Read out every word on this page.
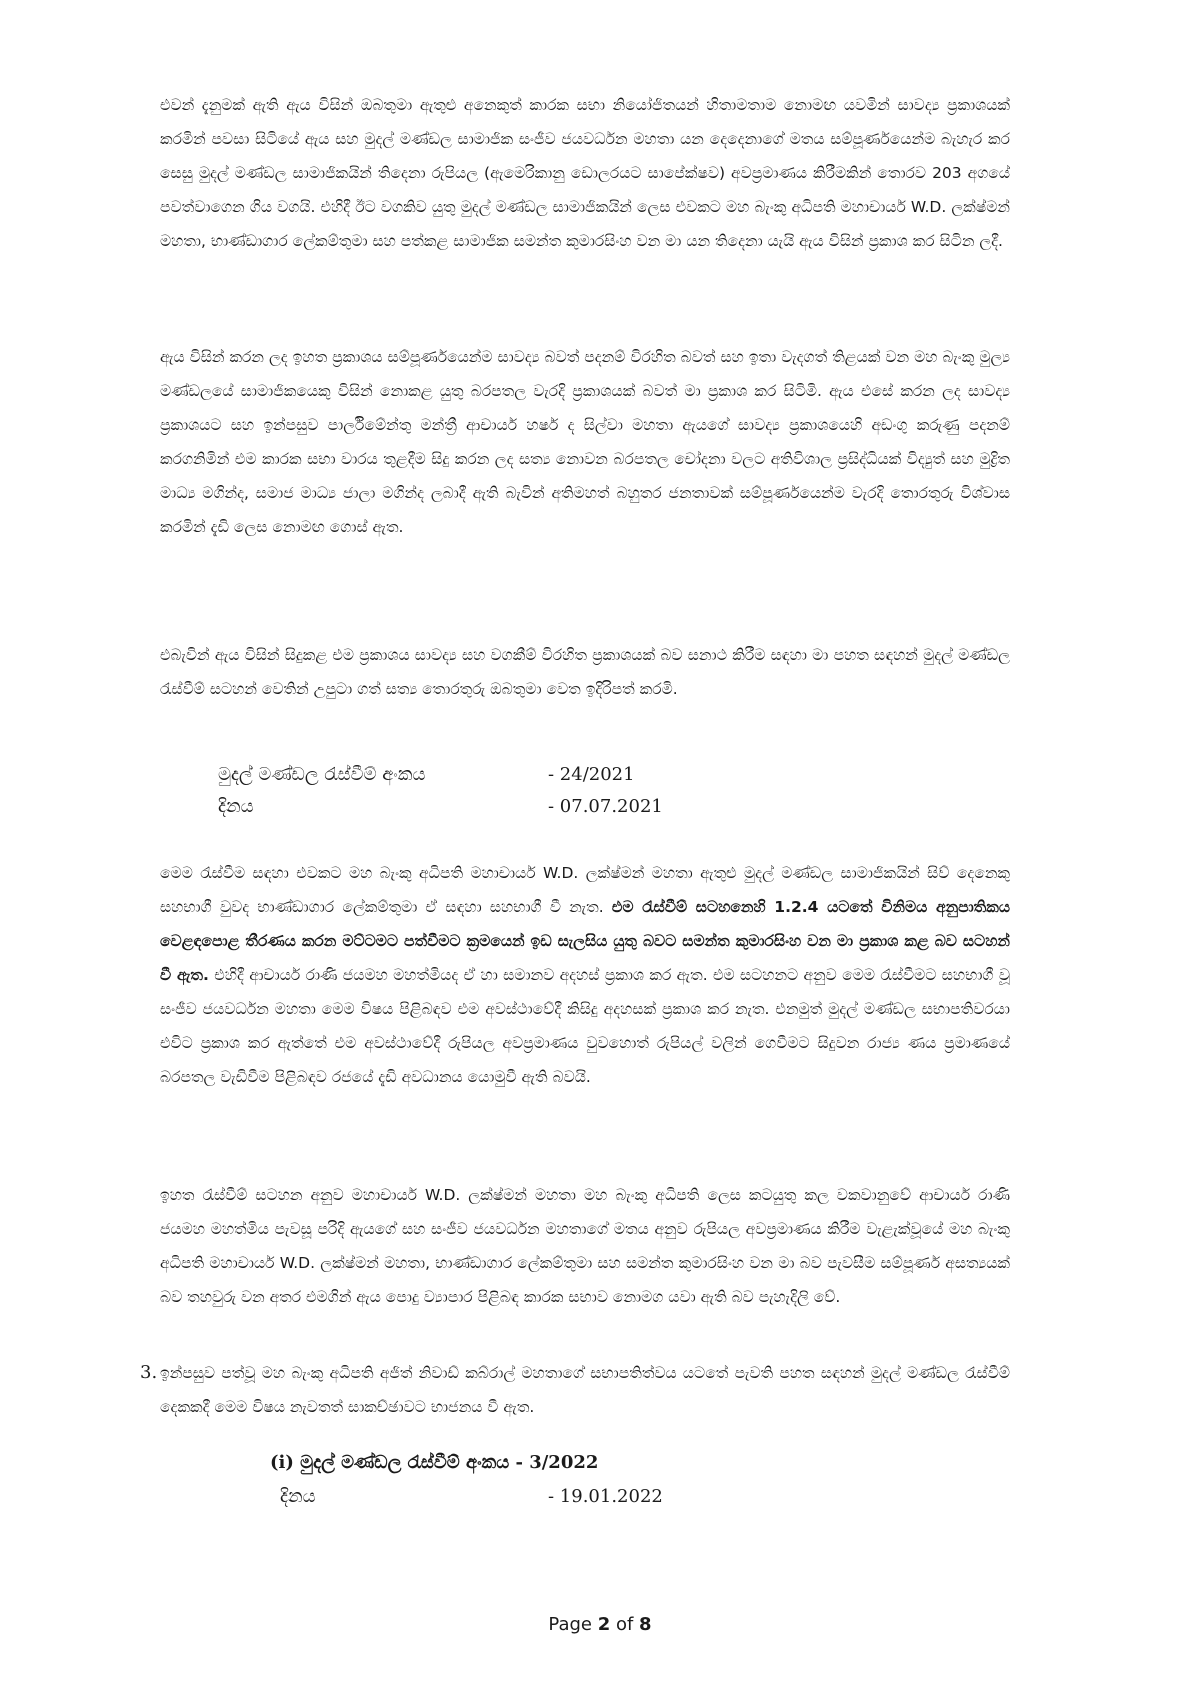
එවන් දැනුමක් ඇති ඇය විසින් ඔබතුමා ඇතුළු අනෙකුත් කාරක සභා නියෝජිතයන් හිතාමතාම නොමඟ යවමින් සාවද්‍ය ප්‍රකාශයක් කරමින් පවසා සිටියේ ඇය සහ මුදල් මණ්ඩල සාමාජික සංජීව ජයවර්ධන මහතා යන දෙදෙනාගේ මතය සම්පූර්ණයෙන්ම බැහැර කර සෙසු මුදල් මණ්ඩල සාමාජිකයින් තිදෙනා රුපියල (ඇමෙරිකානු ඩොලරයට සාපේක්ෂව) අවප්‍රමාණය කිරීමකින් තොරව 203 අගයේ පවත්වාගෙන ගිය වගයි. එහිදී ඊට වගකිව යුතු මුදල් මණ්ඩල සාමාජිකයින් ලෙස එවකට මහ බැංකු අධිපති මහාචාර්ය W.D. ලක්ෂ්මන් මහතා, භාණ්ඩාගාර ලේකම්තුමා සහ පත්කළ සාමාජික සමන්ත කුමාරසිංහ වන මා යන තිදෙනා යැයි ඇය විසින් ප්‍රකාශ කර සිටින ලදී.

ඇය විසින් කරන ලද ඉහත ප්‍රකාශය සම්පූර්ණයෙන්ම සාවද්‍ය බවත් පදනම් විරහිත බවත් සහ ඉතා වැදගත් තිළයක් වන මහ බැංකු මුල්‍ය මණ්ඩලයේ සාමාජිකයෙකු විසින් නොකළ යුතු බරපතල වැරදි ප්‍රකාශයක් බවත් මා ප්‍රකාශ කර සිටිමි. ඇය එසේ කරන ලද සාවද්‍ය ප්‍රකාශයට සහ ඉන්පසුව පාර්ලිමේන්තු මන්ත්‍රී ආචාර්ය හර්ෂ ද සිල්වා මහතා ඇයගේ සාවද්‍ය ප්‍රකාශයෙහි අඩංගු කරුණු පදනම් කරගනිමින් එම කාරක සභා වාරය තුළදීම සිදු කරන ලද සත්‍ය නොවන බරපතල චෝදනා වලට අතිවිශාල ප්‍රසිද්ධියක් විද්‍යුත් සහ මුද්‍රිත මාධ්‍ය මගින්ද, සමාජ මාධ්‍ය ජාලා මගින්ද ලබාදී ඇති බැවින් අතිමහත් බහුතර ජනතාවක් සම්පූර්ණයෙන්ම වැරදි තොරතුරු විශ්වාස කරමින් දැඩි ලෙස නොමඟ ගොස් ඇත.

එබැවින් ඇය විසින් සිදුකළ එම ප්‍රකාශය සාවද්‍ය සහ වගකීම් විරහිත ප්‍රකාශයක් බව සනාථ කිරීම සඳහා මා පහත සඳහන් මුදල් මණ්ඩල රැස්වීම් සටහන් වෙතින් උපුටා ගත් සත්‍ය තොරතුරු ඔබතුමා වෙත ඉදිරිපත් කරමි.

මුදල් මණ්ඩල රැස්වීම් අංකය	- 24/2021
දිනය	- 07.07.2021

මෙම රැස්වීම සඳහා එවකට මහ බැංකු අධිපති මහාචාර්ය W.D. ලක්ෂ්මන් මහතා ඇතුළු මුදල් මණ්ඩල සාමාජිකයින් සිව් දෙනෙකු සහභාගී වුවද භාණ්ඩාගාර ලේකම්තුමා ඒ සඳහා සහභාගී වී නැත. එම රැස්වීම් සටහනෙහි 1.2.4 යටතේ විනිමය අනුපාතිකය වෙළඳපොළ තීරණය කරන මට්ටමට පත්වීමට ක්‍රමයෙන් ඉඩ සැලසිය යුතු බවට සමන්ත කුමාරසිංහ වන මා ප්‍රකාශ කළ බව සටහන් වී ඇත. එහිදී ආචාර්ය රාණි ජයමහ මහත්මියද ඒ හා සමානව අදහස් ප්‍රකාශ කර ඇත. එම සටහනට අනුව මෙම රැස්වීමට සහභාගී වූ සංජීව ජයවර්ධන මහතා මෙම විෂය පිළිබඳව එම අවස්ථාවේදී කිසිදු අදහසක් ප්‍රකාශ කර නැත. එනමුත් මුදල් මණ්ඩල සභාපතිවරයා එවිට ප්‍රකාශ කර ඇත්තේ එම අවස්ථාවේදී රුපියල අවප්‍රමාණය වුවහොත් රුපියල් වලින් ගෙවීමට සිදුවන රාජ්‍ය ණය ප්‍රමාණයේ බරපතල වැඩිවීම පිළිබඳව රජයේ දැඩි අවධානය යොමුවී ඇති බවයි.

ඉහත රැස්වීම් සටහන අනුව මහාචාර්ය W.D. ලක්ෂ්මන් මහතා මහ බැංකු අධිපති ලෙස කටයුතු කල වකවානුවේ ආචාර්ය රාණි ජයමහ මහත්මිය පැවසූ පරිදි ඇයගේ සහ සංජීව ජයවර්ධන මහතාගේ මතය අනුව රුපියල අවප්‍රමාණය කිරීම වැළැක්වූයේ මහ බැංකු අධිපති මහාචාර්ය W.D. ලක්ෂ්මන් මහතා, භාණ්ඩාගාර ලේකම්තුමා සහ සමන්ත කුමාරසිංහ වන මා බව පැවසීම සම්පූර්ණ අසත්‍යයක් බව තහවුරු වන අතර එමගින් ඇය පොදු ව්‍යාපාර පිළිබඳ කාරක සභාව නොමග යවා ඇති බව පැහැදිලි වේ.

3. ඉන්පසුව පත්වූ මහ බැංකු අධිපති අජිත් නිවාඩ් කබ්රාල් මහතාගේ සභාපතිත්වය යටතේ පැවති පහත සඳහන් මුදල් මණ්ඩල රැස්වීම් දෙකකදී මෙම විෂය නැවතත් සාකච්ඡාවට භාජනය වී ඇත.

(i) මුදල් මණ්ඩල රැස්වීම් අංකය - 3/2022
දිනය	- 19.01.2022
Page 2 of 8
